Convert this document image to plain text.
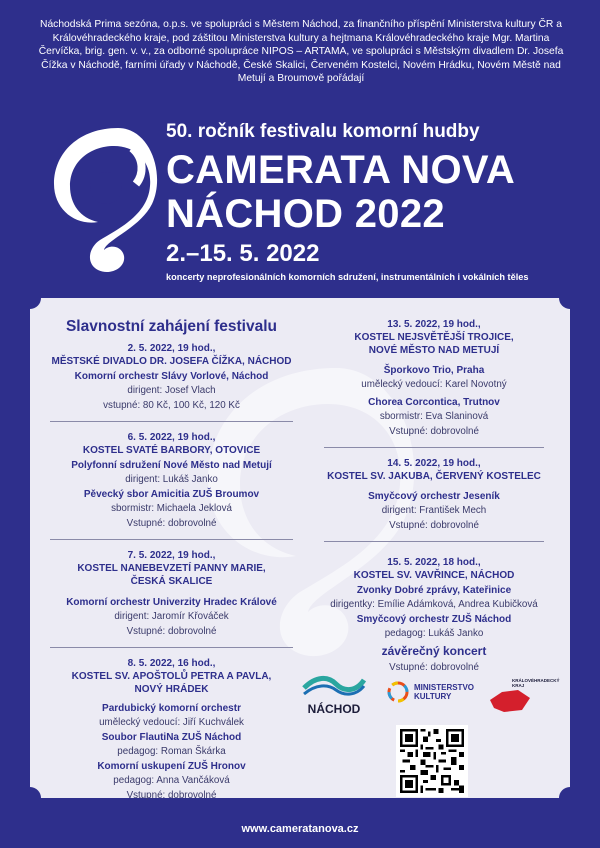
Náchodská Prima sezóna, o.p.s. ve spolupráci s Městem Náchod, za finančního příspění Ministerstva kultury ČR a Královéhradeckého kraje, pod záštitou Ministerstva kultury a hejtmana Královéhradeckého kraje Mgr. Martina Červíčka, brig. gen. v. v., za odborné spolupráce NIPOS – ARTAMA, ve spolupráci s Městským divadlem Dr. Josefa Čížka v Náchodě, farními úřady v Náchodě, České Skalici, Červeném Kostelci, Novém Hrádku, Novém Městě nad Metují a Broumově pořádají
50. ročník festivalu komorní hudby
CAMERATA NOVA
NÁCHOD 2022
2.–15. 5. 2022
koncerty neprofesionálních komorních sdružení, instrumentálních i vokálních těles
Slavnostní zahájení festivalu
2. 5. 2022, 19 hod.,
MĚSTSKÉ DIVADLO DR. JOSEFA ČÍŽKA, NÁCHOD
Komorní orchestr Slávy Vorlové, Náchod
dirigent: Josef Vlach
vstupné: 80 Kč, 100 Kč, 120 Kč
6. 5. 2022, 19 hod.,
KOSTEL SVATÉ BARBORY, OTOVICE
Polyfonní sdružení Nové Město nad Metují
dirigent: Lukáš Janko
Pěvecký sbor Amicitia ZUŠ Broumov
sbormistr: Michaela Jeklová
Vstupné: dobrovolné
7. 5. 2022, 19 hod.,
KOSTEL NANEBEVZETÍ PANNY MARIE,
ČESKÁ SKALICE
Komorní orchestr Univerzity Hradec Králové
dirigent: Jaromír Křováček
Vstupné: dobrovolné
8. 5. 2022, 16 hod.,
KOSTEL SV. APOŠTOLŮ PETRA A PAVLA,
NOVÝ HRÁDEK
Pardubický komorní orchestr
umělecký vedoucí: Jiří Kuchválek
Soubor FlautiNa ZUŠ Náchod
pedagog: Roman Škárka
Komorní uskupení ZUŠ Hronov
pedagog: Anna Vančáková
Vstupné: dobrovolné
13. 5. 2022, 19 hod.,
KOSTEL NEJSVĚTĚJŠÍ TROJICE,
NOVÉ MĚSTO NAD METUJÍ
Šporkovo Trio, Praha
umělecký vedoucí: Karel Novotný
Chorea Corcontica, Trutnov
sbormistr: Eva Slaninová
Vstupné: dobrovolné
14. 5. 2022, 19 hod.,
KOSTEL SV. JAKUBA, ČERVENÝ KOSTELEC
Smyčcový orchestr Jeseník
dirigent: František Mech
Vstupné: dobrovolné
15. 5. 2022, 18 hod.,
KOSTEL SV. VAVŘINCE, NÁCHOD
Zvonky Dobré zprávy, Kateřinice
dirigentky: Emílie Adámková, Andrea Kubičková
Smyčcový orchestr ZUŠ Náchod
pedagog: Lukáš Janko
závěrečný koncert
Vstupné: dobrovolné
NÁCHOD
MINISTERSTVO
KULTURY
KRÁLOVÉHRADECKÝ
KRAJ
www.cameratanova.cz
